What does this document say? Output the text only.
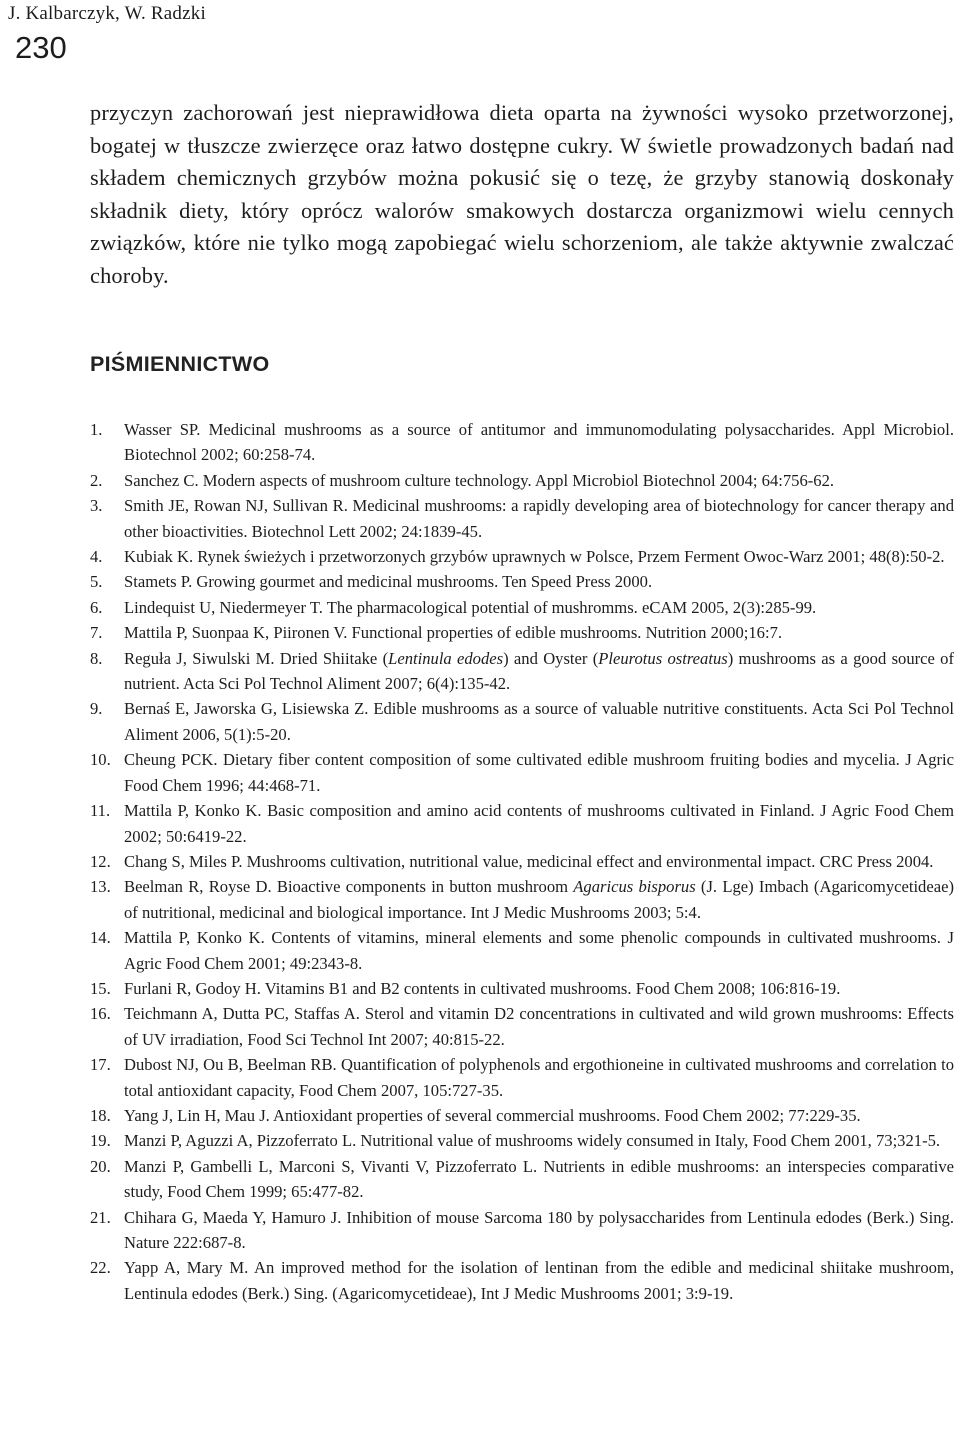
J. Kalbarczyk, W. Radzki
230

przyczyn zachorowań jest nieprawidłowa dieta oparta na żywności wysoko przetworzonej, bogatej w tłuszcze zwierzęce oraz łatwo dostępne cukry. W świetle prowadzonych badań nad składem chemicznych grzybów można pokusić się o tezę, że grzyby stanowią doskonały składnik diety, który oprócz walorów smakowych dostarcza organizmowi wielu cennych związków, które nie tylko mogą zapobiegać wielu schorzeniom, ale także aktywnie zwalczać choroby.

PIŚMIENNICTWO
1. Wasser SP. Medicinal mushrooms as a source of antitumor and immunomodulating polysaccharides. Appl Microbiol. Biotechnol 2002; 60:258-74.
2. Sanchez C. Modern aspects of mushroom culture technology. Appl Microbiol Biotechnol 2004; 64:756-62.
3. Smith JE, Rowan NJ, Sullivan R. Medicinal mushrooms: a rapidly developing area of biotechnology for cancer therapy and other bioactivities. Biotechnol Lett 2002; 24:1839-45.
4. Kubiak K. Rynek świeżych i przetworzonych grzybów uprawnych w Polsce, Przem Ferment Owoc-Warz 2001; 48(8):50-2.
5. Stamets P. Growing gourmet and medicinal mushrooms. Ten Speed Press 2000.
6. Lindequist U, Niedermeyer T. The pharmacological potential of mushromms. eCAM 2005, 2(3):285-99.
7. Mattila P, Suonpaa K, Piironen V. Functional properties of edible mushrooms. Nutrition 2000;16:7.
8. Reguła J, Siwulski M. Dried Shiitake (Lentinula edodes) and Oyster (Pleurotus ostreatus) mushrooms as a good source of nutrient. Acta Sci Pol Technol Aliment 2007; 6(4):135-42.
9. Bernaś E, Jaworska G, Lisiewska Z. Edible mushrooms as a source of valuable nutritive constituents. Acta Sci Pol Technol Aliment 2006, 5(1):5-20.
10. Cheung PCK. Dietary fiber content composition of some cultivated edible mushroom fruiting bodies and mycelia. J Agric Food Chem 1996; 44:468-71.
11. Mattila P, Konko K. Basic composition and amino acid contents of mushrooms cultivated in Finland. J Agric Food Chem 2002; 50:6419-22.
12. Chang S, Miles P. Mushrooms cultivation, nutritional value, medicinal effect and environmental impact. CRC Press 2004.
13. Beelman R, Royse D. Bioactive components in button mushroom Agaricus bisporus (J. Lge) Imbach (Agaricomycetideae) of nutritional, medicinal and biological importance. Int J Medic Mushrooms 2003; 5:4.
14. Mattila P, Konko K. Contents of vitamins, mineral elements and some phenolic compounds in cultivated mushrooms. J Agric Food Chem 2001; 49:2343-8.
15. Furlani R, Godoy H. Vitamins B1 and B2 contents in cultivated mushrooms. Food Chem 2008; 106:816-19.
16. Teichmann A, Dutta PC, Staffas A. Sterol and vitamin D2 concentrations in cultivated and wild grown mushrooms: Effects of UV irradiation, Food Sci Technol Int 2007; 40:815-22.
17. Dubost NJ, Ou B, Beelman RB. Quantification of polyphenols and ergothioneine in cultivated mushrooms and correlation to total antioxidant capacity, Food Chem 2007, 105:727-35.
18. Yang J, Lin H, Mau J. Antioxidant properties of several commercial mushrooms. Food Chem 2002; 77:229-35.
19. Manzi P, Aguzzi A, Pizzoferrato L. Nutritional value of mushrooms widely consumed in Italy, Food Chem 2001, 73;321-5.
20. Manzi P, Gambelli L, Marconi S, Vivanti V, Pizzoferrato L. Nutrients in edible mushrooms: an interspecies comparative study, Food Chem 1999; 65:477-82.
21. Chihara G, Maeda Y, Hamuro J. Inhibition of mouse Sarcoma 180 by polysaccharides from Lentinula edodes (Berk.) Sing. Nature 222:687-8.
22. Yapp A, Mary M. An improved method for the isolation of lentinan from the edible and medicinal shiitake mushroom, Lentinula edodes (Berk.) Sing. (Agaricomycetideae), Int J Medic Mushrooms 2001; 3:9-19.
